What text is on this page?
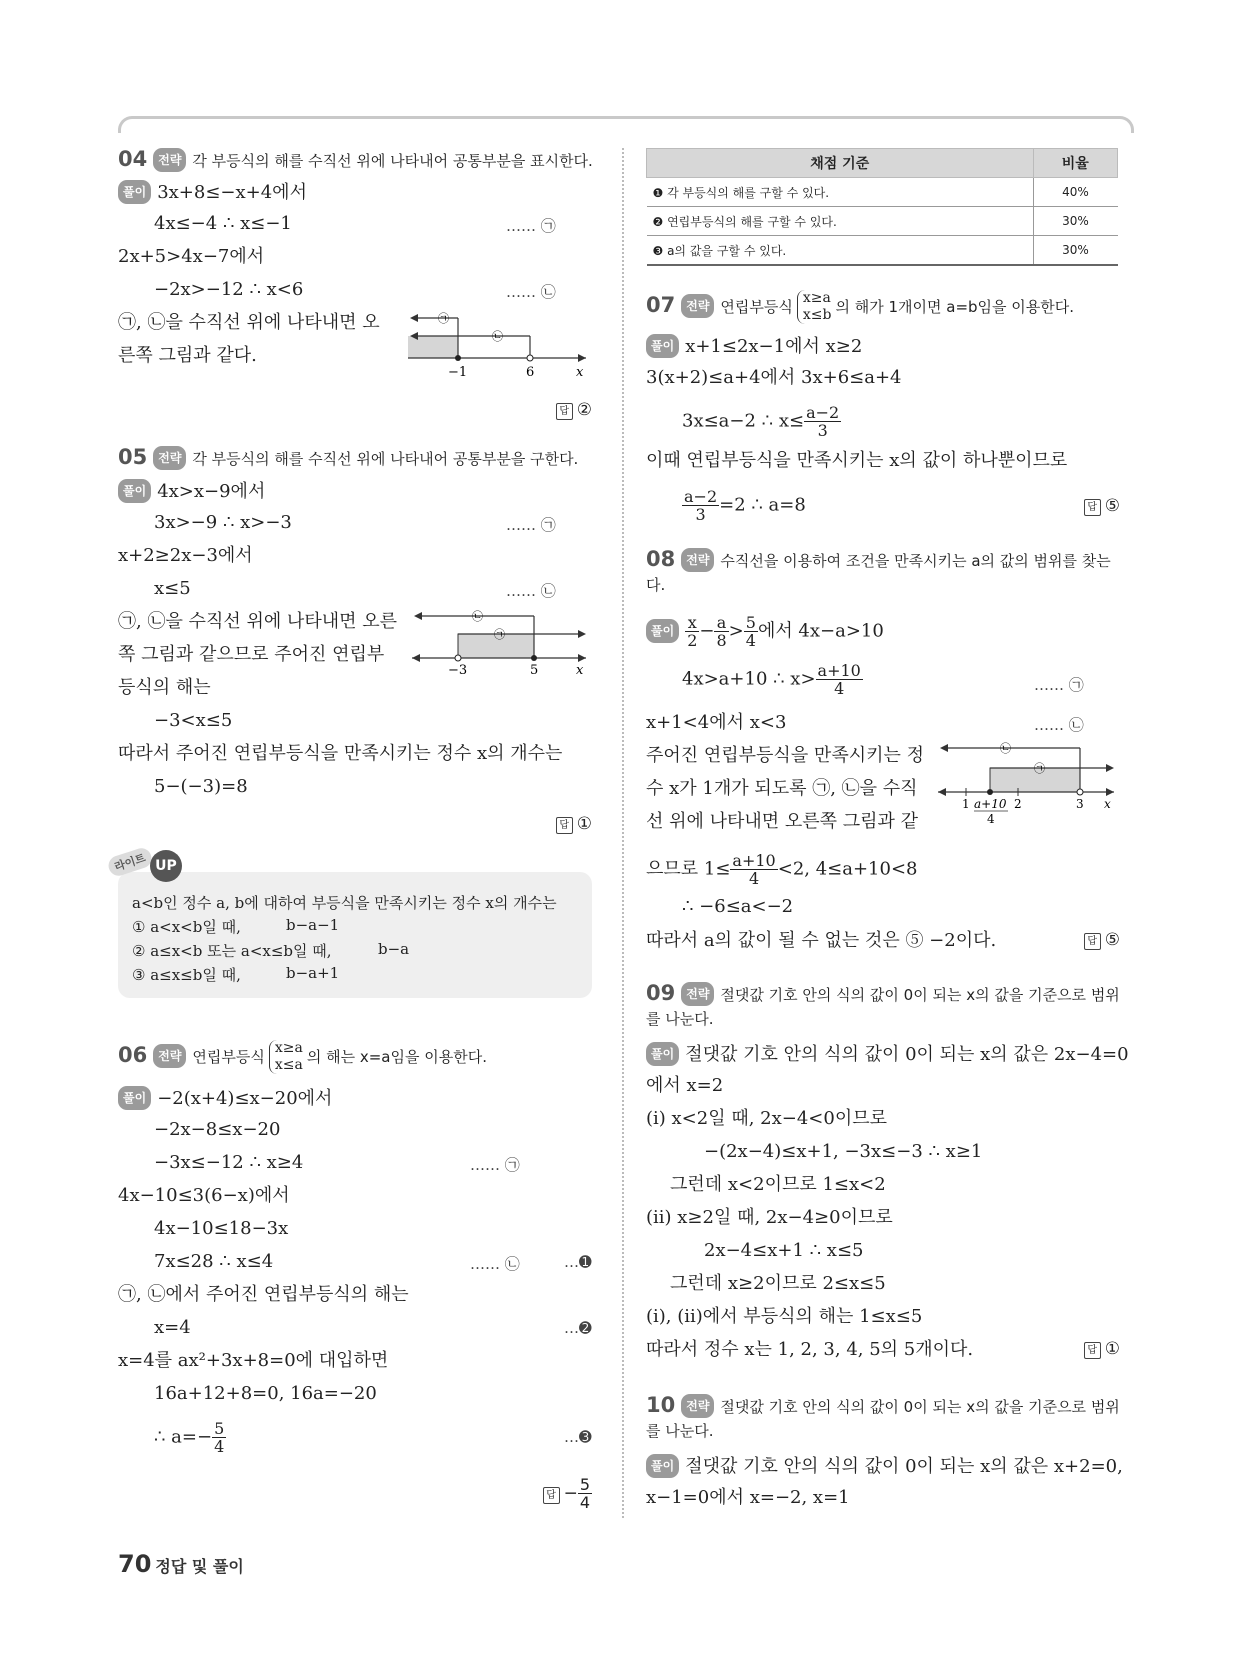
04 전략 각 부등식의 해를 수직선 위에 나타내어 공통부분을 표시한다.
풀이 3x+8≤−x+4에서
4x≤−4 ∴ x≤−1	…… ㉠
2x+5>4x−7에서
−2x>−12 ∴ x<6	…… ㉡
㉠, ㉡을 수직선 위에 나타내면 오
른쪽 그림과 같다.
㉠
㉡
−1	6	x
답 ②
05 전략 각 부등식의 해를 수직선 위에 나타내어 공통부분을 구한다.
풀이 4x>x−9에서
3x>−9 ∴ x>−3	…… ㉠
x+2≥2x−3에서
x≤5	…… ㉡
㉠, ㉡을 수직선 위에 나타내면 오른
쪽 그림과 같으므로 주어진 연립부
등식의 해는
㉡
㉠
−3	5	x
−3<x≤5
따라서 주어진 연립부등식을 만족시키는 정수 x의 개수는
5−(−3)=8
답 ①
a<b인 정수 a, b에 대하여 부등식을 만족시키는 정수 x의 개수는
① a<x<b일 때,	b−a−1
② a≤x<b 또는 a<x≤b일 때,	b−a
③ a≤x≤b일 때,	b−a+1
라이트 UP
06 전략 연립부등식 x≥a
x≤a 의 해는 x=a임을 이용한다.
풀이 −2(x+4)≤x−20에서
−2x−8≤x−20
−3x≤−12 ∴ x≥4	…… ㉠
4x−10≤3(6−x)에서
4x−10≤18−3x
7x≤28 ∴ x≤4	…… ㉡	…➊
㉠, ㉡에서 주어진 연립부등식의 해는
x=4	…➋
x=4를 ax²+3x+8=0에 대입하면
16a+12+8=0, 16a=−20
∴ $a=- \frac{5}{4}$	…➌
답 − $\frac{5}{4}$
채점 기준	비율
❶ 각 부등식의 해를 구할 수 있다.	40%
❷ 연립부등식의 해를 구할 수 있다.	30%
❸ a의 값을 구할 수 있다.	30%
07 전략 연립부등식 x≥a
x≤b 의 해가 1개이면 a=b임을 이용한다.
풀이 x+1≤2x−1에서 x≥2
3(x+2)≤a+4에서 3x+6≤a+4
3x≤a−2 ∴ $x\le \frac{a-2}{3}$
이때 연립부등식을 만족시키는 x의 값이 하나뿐이므로
$\frac{a-2}{3} =2$ ∴ a=8	답 ⑤
08 전략 수직선을 이용하여 조건을 만족시키는 a의 값의 범위를 찾는
다.
풀이 $\frac{x}{2} - \frac{a}{8} > \frac{5}{4}$ 에서 4x−a>10
4x>a+10 ∴ $x> \frac{a+10}{4}$	…… ㉠
x+1<4에서 x<3	…… ㉡
주어진 연립부등식을 만족시키는 정
수 x가 1개가 되도록 ㉠, ㉡을 수직
선 위에 나타내면 오른쪽 그림과 같
㉡
㉠
1 a+10
4
2	3 x
으므로 $1\le \frac{a+10}{4} <2$, 4≤a+10<8
∴ −6≤a<−2
따라서 a의 값이 될 수 없는 것은 ⑤ −2이다.	답 ⑤
09 전략 절댓값 기호 안의 식의 값이 0이 되는 x의 값을 기준으로 범위
를 나눈다.
풀이 절댓값 기호 안의 식의 값이 0이 되는 x의 값은 2x−4=0
에서 x=2
(ⅰ) x<2일 때, 2x−4<0이므로
−(2x−4)≤x+1, −3x≤−3 ∴ x≥1
그런데 x<2이므로 1≤x<2
(ⅱ) x≥2일 때, 2x−4≥0이므로
2x−4≤x+1 ∴ x≤5
그런데 x≥2이므로 2≤x≤5
(ⅰ), (ⅱ)에서 부등식의 해는 1≤x≤5
따라서 정수 x는 1, 2, 3, 4, 5의 5개이다.	답 ①
10 전략 절댓값 기호 안의 식의 값이 0이 되는 x의 값을 기준으로 범위
를 나눈다.
풀이 절댓값 기호 안의 식의 값이 0이 되는 x의 값은 x+2=0,
x−1=0에서 x=−2, x=1
70 정답 및 풀이
